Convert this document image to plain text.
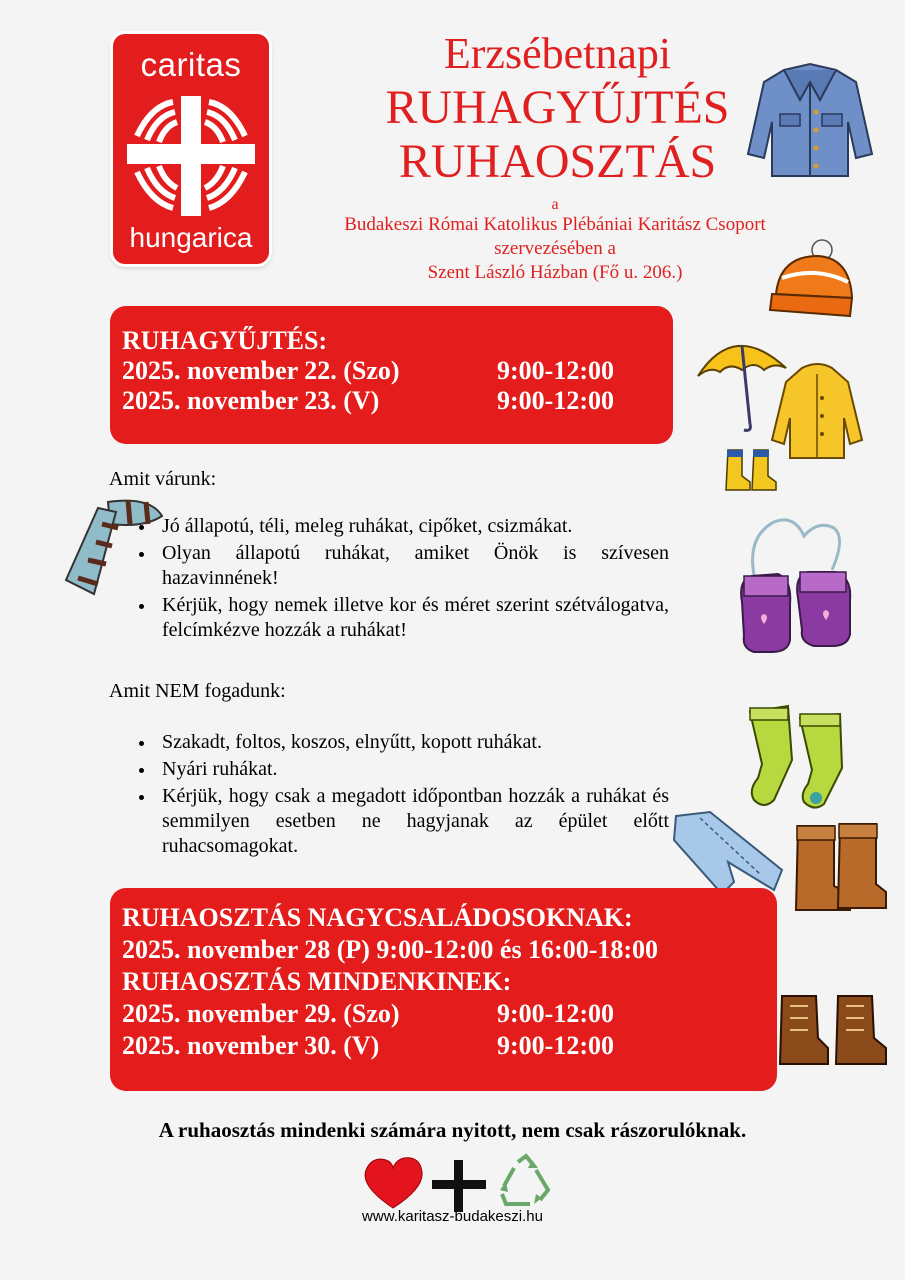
caritas
hungarica
Erzsébetnapi
RUHAGYŰJTÉS
RUHAOSZTÁS
a
Budakeszi Római Katolikus Plébániai Karitász Csoport
szervezésében a
Szent László Házban (Fő u. 206.)
RUHAGYŰJTÉS:
2025. november 22. (Szo)	9:00-12:00
2025. november 23. (V)	9:00-12:00
Amit várunk:
Jó állapotú, téli, meleg ruhákat, cipőket, csizmákat.
Olyan állapotú ruhákat, amiket Önök is szívesen hazavinnének!
Kérjük, hogy nemek illetve kor és méret szerint szétválogatva, felcímkézve hozzák a ruhákat!
Amit NEM fogadunk:
Szakadt, foltos, koszos, elnyűtt, kopott ruhákat.
Nyári ruhákat.
Kérjük, hogy csak a megadott időpontban hozzák a ruhákat és semmilyen esetben ne hagyjanak az épület előtt ruhacsomagokat.
RUHAOSZTÁS NAGYCSALÁDOSOKNAK:
2025. november 28 (P) 9:00-12:00 és 16:00-18:00
RUHAOSZTÁS MINDENKINEK:
2025. november 29. (Szo)	9:00-12:00
2025. november 30. (V)	9:00-12:00
A ruhaosztás mindenki számára nyitott, nem csak rászorulóknak.
www.karitasz-budakeszi.hu
